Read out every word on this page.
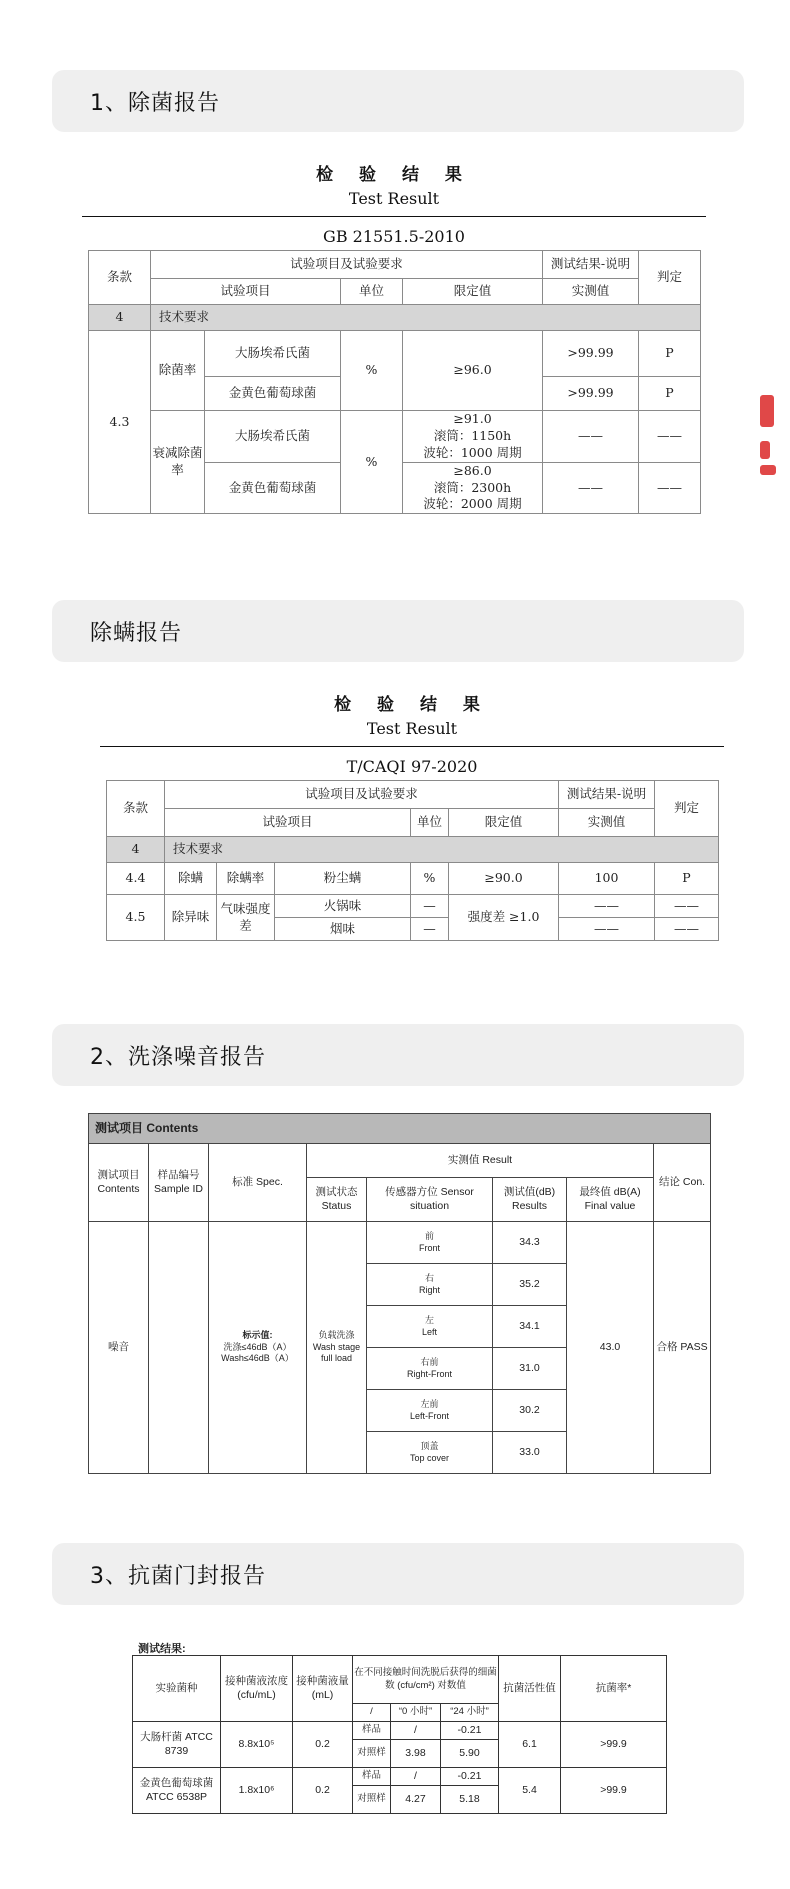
1、除菌报告
检 验 结 果
Test Result
GB 21551.5-2010
条款	试验项目及试验要求				测试结果-说明	判定
	试验项目		单位	限定值	实测值	
4	技术要求					
4.3	除菌率	大肠埃希氏菌	%	≥96.0	>99.99	P
		金黄色葡萄球菌			>99.99	P
	衰减除菌率	大肠埃希氏菌	%	≥91.0
滚筒：1150h
波轮：1000 周期	——	——
		金黄色葡萄球菌		≥86.0
滚筒：2300h
波轮：2000 周期	——	——
除螨报告
检 验 结 果
Test Result
T/CAQI 97-2020
条款	试验项目及试验要求					测试结果-说明	判定
	试验项目			单位	限定值	实测值	
4	技术要求						
4.4	除螨	除螨率	粉尘螨	%	≥90.0	100	P
4.5	除异味	气味强度差	火锅味	—	强度差 ≥1.0	——	——
			烟味	—		——	——
2、洗涤噪音报告
测试项目 Contents							
测试项目 Contents	样品编号 Sample ID	标准 Spec.	实测值 Result				结论 Con.
			测试状态 Status	传感器方位 Sensor situation	测试值(dB) Results	最终值 dB(A) Final value	
噪音		标示值:
洗涤≤46dB（A）
Wash≤46dB（A）	负载洗涤 Wash stage full load	前
Front	34.3	43.0	合格 PASS

				右
Right	35.2		

				左
Left	34.1		

				右前
Right-Front	31.0		

				左前
Left-Front	30.2		

				顶盖
Top cover	33.0		
3、抗菌门封报告
测试结果:
实验菌种	接种菌液浓度 (cfu/mL)	接种菌液量(mL)	在不同接触时间洗脱后获得的细菌数 (cfu/cm²) 对数值			抗菌活性值	抗菌率*
			/	“0 小时”	“24 小时”		
大肠杆菌 ATCC 8739	8.8x10⁵	0.2	样品	/	-0.21	6.1	>99.9
			对照样	3.98	5.90		
金黄色葡萄球菌 ATCC 6538P	1.8x10⁶	0.2	样品	/	-0.21	5.4	>99.9
			对照样	4.27	5.18		
